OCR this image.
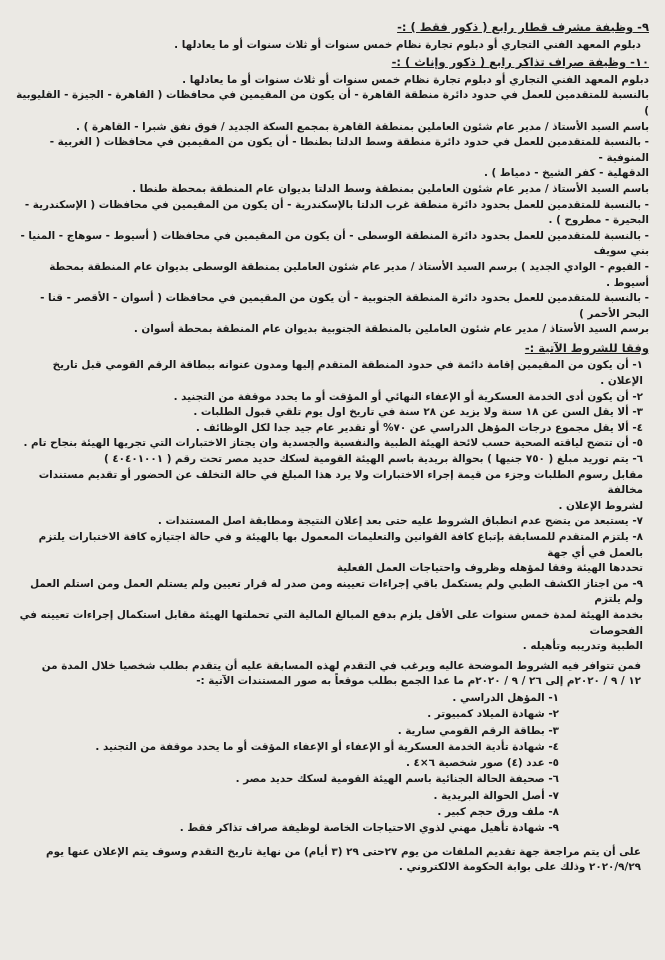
٩- وظيفة مشرف قطار رابع ( ذكور فقط ) :-
دبلوم المعهد الفني التجاري أو دبلوم تجارة نظام خمس سنوات أو ثلاث سنوات أو ما يعادلها .
١٠- وظيفة صراف تذاكر رابع ( ذكور وإناث ) :-
دبلوم المعهد الفني التجاري أو دبلوم تجارة نظام خمس سنوات أو ثلاث سنوات أو ما يعادلها .
بالنسبة للمتقدمين للعمل في حدود دائرة منطقة القاهرة - أن يكون من المقيمين في محافظات ( القاهرة - الجيزة - القليوبية )
باسم السيد الأستاذ / مدير عام شئون العاملين بمنطقة القاهرة بمجمع السكة الجديد / فوق نفق شبرا - القاهرة ) .
- بالنسبة للمتقدمين للعمل في حدود دائرة منطقة وسط الدلتا بطنطا - أن يكون من المقيمين في محافظات ( الغربية - المنوفية -
الدقهلية - كفر الشيخ - دمياط ) .
باسم السيد الأستاذ / مدير عام شئون العاملين بمنطقة وسط الدلتا بديوان عام المنطقة بمحطة طنطا .
- بالنسبة للمتقدمين للعمل بحدود دائرة منطقة غرب الدلتا بالإسكندرية - أن يكون من المقيمين في محافظات ( الإسكندرية - البحيرة - مطروح ) .
- بالنسبة للمتقدمين للعمل بحدود دائرة المنطقة الوسطى - أن يكون من المقيمين في محافظات ( أسيوط - سوهاج - المنيا - بني سويف
- الفيوم - الوادي الجديد ) برسم السيد الأستاذ / مدير عام شئون العاملين بمنطقة الوسطى بديوان عام المنطقة بمحطة أسيوط .
- بالنسبة للمتقدمين للعمل بحدود دائرة المنطقة الجنوبية - أن يكون من المقيمين في محافظات ( أسوان - الأقصر - قنا - البحر الأحمر )
برسم السيد الأستاذ / مدير عام شئون العاملين بالمنطقة الجنوبية بديوان عام المنطقة بمحطة أسوان .
وفقا للشروط الآتية :-
١- أن يكون من المقيمين إقامة دائمة في حدود المنطقة المتقدم إليها ومدون عنوانه ببطاقة الرقم القومي قبل تاريخ الإعلان .
٢- أن يكون أدى الخدمة العسكرية أو الإعفاء النهائي أو المؤقت أو ما يحدد موقفة من التجنيد .
٣- ألا يقل السن عن ١٨ سنة ولا يزيد عن ٢٨ سنة في تاريخ اول يوم تلقي قبول الطلبات .
٤- ألا يقل مجموع درجات المؤهل الدراسي عن ٧٠% أو تقدير عام جيد جدا لكل الوظائف .
٥- أن تتضح لياقته الصحية حسب لائحة الهيئة الطبية والنفسية والجسدية وان يجتاز الاختبارات التي تجريها الهيئة بنجاح تام .
٦- يتم توريد مبلغ ( ٧٥٠ جنيها ) بحوالة بريدية باسم الهيئة القومية لسكك حديد مصر تحت رقم ( ٤٠٤٠١٠٠١ )
مقابل رسوم الطلبات وجزء من قيمة إجراء الاختبارات ولا يرد هذا المبلغ في حالة التخلف عن الحضور أو تقديم مستندات مخالفة
لشروط الإعلان .
٧- يستبعد من يتضح عدم انطباق الشروط عليه حتى بعد إعلان النتيجة ومطابقة اصل المستندات .
٨- يلتزم المتقدم للمسابقة بإتباع كافة القوانين والتعليمات المعمول بها بالهيئة و في حالة اجتيازه كافة الاختبارات يلتزم بالعمل في أي جهة
تحددها الهيئة وفقا لمؤهله وظروف واحتياجات العمل الفعلية
٩- من اجتاز الكشف الطبي ولم يستكمل باقي إجراءات تعيينه ومن صدر له قرار تعيين ولم يستلم العمل ومن استلم العمل ولم يلتزم
بخدمة الهيئة لمدة خمس سنوات على الأقل يلزم بدفع المبالغ المالية التي تحملتها الهيئة مقابل استكمال إجراءات تعيينه في الفحوصات
الطبية وتدريبه وتأهيله .
فمن تتوافر فيه الشروط الموضحة عاليه ويرغب في التقدم لهذه المسابقة عليه أن يتقدم بطلب شخصيا خلال المدة من
١٢ / ٩ / ٢٠٢٠م إلى ٢٦ / ٩ / ٢٠٢٠م ما عدا الجمع بطلب موقعاً به صور المستندات الآتية :-
١- المؤهل الدراسي .
٢- شهادة الميلاد كمبيوتر .
٣- بطاقة الرقم القومي سارية .
٤- شهادة تأدية الخدمة العسكرية أو الإعفاء أو الإعفاء المؤقت أو ما يحدد موقفة من التجنيد .
٥- عدد (٤) صور شخصية ٦×٤ .
٦- صحيفة الحالة الجنائية باسم الهيئة القومية لسكك حديد مصر .
٧- أصل الحوالة البريدية .
٨- ملف ورق حجم كبير .
٩- شهادة تأهيل مهني لذوي الاحتياجات الخاصة لوظيفة صراف تذاكر فقط .
على أن يتم مراجعة جهة تقديم الملفات من يوم ٢٧حتى ٢٩ (٣ أيام) من نهاية تاريخ التقدم وسوف يتم الإعلان عنها يوم
٢٠٢٠/٩/٢٩ وذلك على بوابة الحكومة الالكتروني .
